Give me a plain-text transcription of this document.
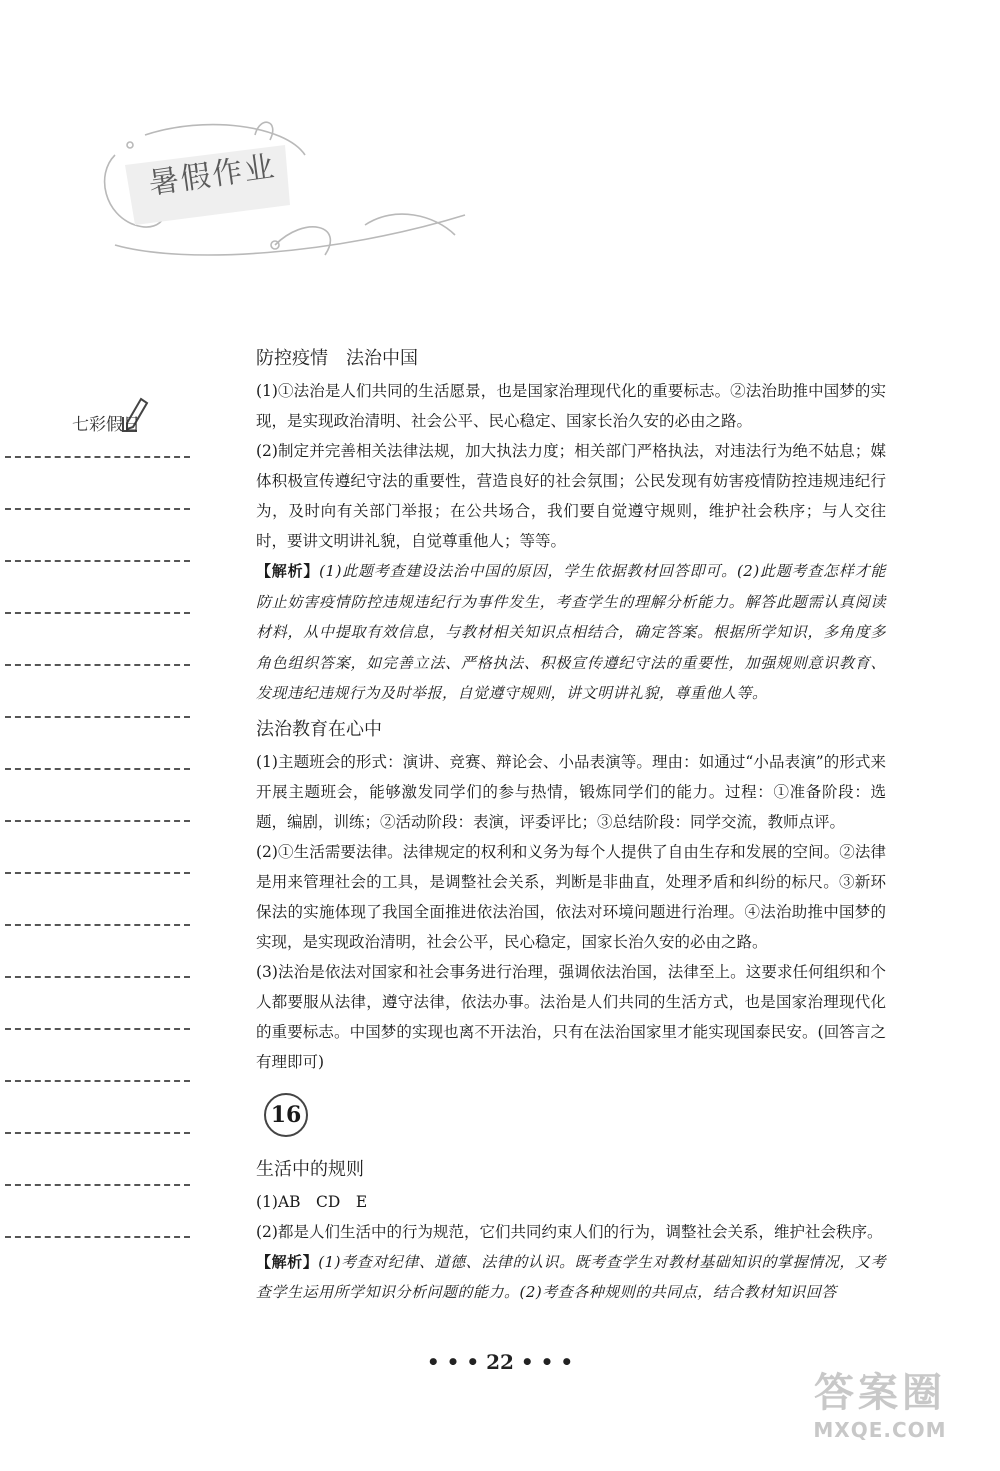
暑假作业
七彩假日
防控疫情　法治中国

(1)①法治是人们共同的生活愿景，也是国家治理现代化的重要标志。②法治助推中国梦的实现，是实现政治清明、社会公平、民心稳定、国家长治久安的必由之路。

(2)制定并完善相关法律法规，加大执法力度；相关部门严格执法，对违法行为绝不姑息；媒体积极宣传遵纪守法的重要性，营造良好的社会氛围；公民发现有妨害疫情防控违规违纪行为，及时向有关部门举报；在公共场合，我们要自觉遵守规则，维护社会秩序；与人交往时，要讲文明讲礼貌，自觉尊重他人；等等。

【解析】(1)此题考查建设法治中国的原因，学生依据教材回答即可。(2)此题考查怎样才能防止妨害疫情防控违规违纪行为事件发生，考查学生的理解分析能力。解答此题需认真阅读材料，从中提取有效信息，与教材相关知识点相结合，确定答案。根据所学知识，多角度多角色组织答案，如完善立法、严格执法、积极宣传遵纪守法的重要性，加强规则意识教育、发现违纪违规行为及时举报，自觉遵守规则，讲文明讲礼貌，尊重他人等。

法治教育在心中

(1)主题班会的形式：演讲、竞赛、辩论会、小品表演等。理由：如通过“小品表演”的形式来开展主题班会，能够激发同学们的参与热情，锻炼同学们的能力。过程：①准备阶段：选题，编剧，训练；②活动阶段：表演，评委评比；③总结阶段：同学交流，教师点评。

(2)①生活需要法律。法律规定的权利和义务为每个人提供了自由生存和发展的空间。②法律是用来管理社会的工具，是调整社会关系，判断是非曲直，处理矛盾和纠纷的标尺。③新环保法的实施体现了我国全面推进依法治国，依法对环境问题进行治理。④法治助推中国梦的实现，是实现政治清明，社会公平，民心稳定，国家长治久安的必由之路。

(3)法治是依法对国家和社会事务进行治理，强调依法治国，法律至上。这要求任何组织和个人都要服从法律，遵守法律，依法办事。法治是人们共同的生活方式，也是国家治理现代化的重要标志。中国梦的实现也离不开法治，只有在法治国家里才能实现国泰民安。(回答言之有理即可)

16
生活中的规则

(1)AB　CD　E

(2)都是人们生活中的行为规范，它们共同约束人们的行为，调整社会关系，维护社会秩序。

【解析】(1)考查对纪律、道德、法律的认识。既考查学生对教材基础知识的掌握情况，又考查学生运用所学知识分析问题的能力。(2)考查各种规则的共同点，结合教材知识回答

• • • 22 • • •
答案圈
MXQE.COM
